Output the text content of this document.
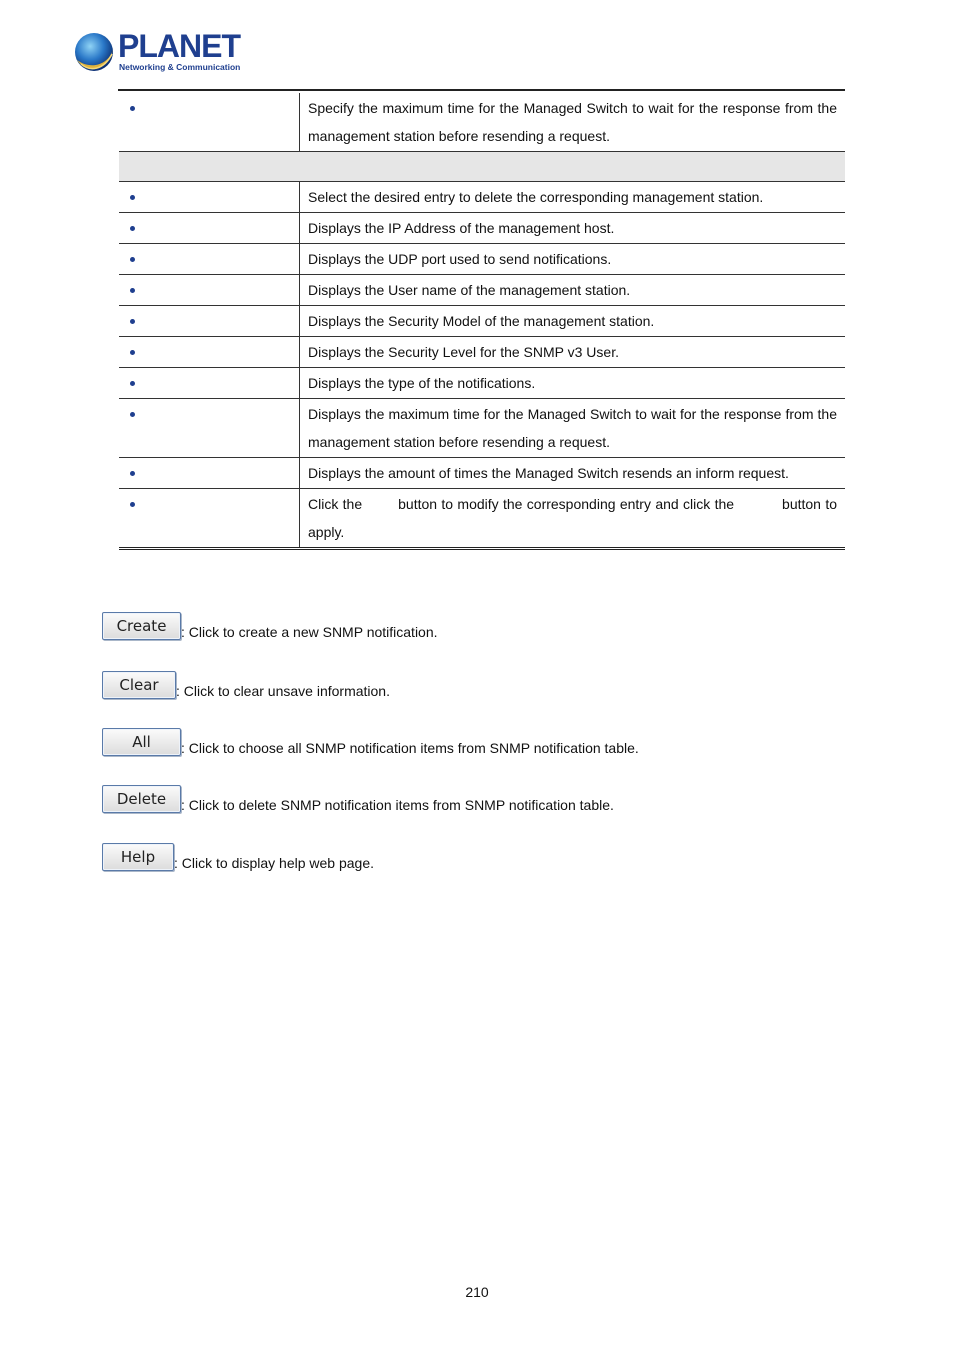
PLANET
Networking & Communication
	Specify the maximum time for the Managed Switch to wait for the response from the management station before resending a request.

	Select the desired entry to delete the corresponding management station.

	Displays the IP Address of the management host.

	Displays the UDP port used to send notifications.

	Displays the User name of the management station.

	Displays the Security Model of the management station.

	Displays the Security Level for the SNMP v3 User.

	Displays the type of the notifications.

	Displays the maximum time for the Managed Switch to wait for the response from the management station before resending a request.

	Displays the amount of times the Managed Switch resends an inform request.

	Click the button to modify the corresponding entry and click the button to apply.
Create : Click to create a new SNMP notification.
Clear : Click to clear unsave information.
All : Click to choose all SNMP notification items from SNMP notification table.
Delete : Click to delete SNMP notification items from SNMP notification table.
Help : Click to display help web page.
210
